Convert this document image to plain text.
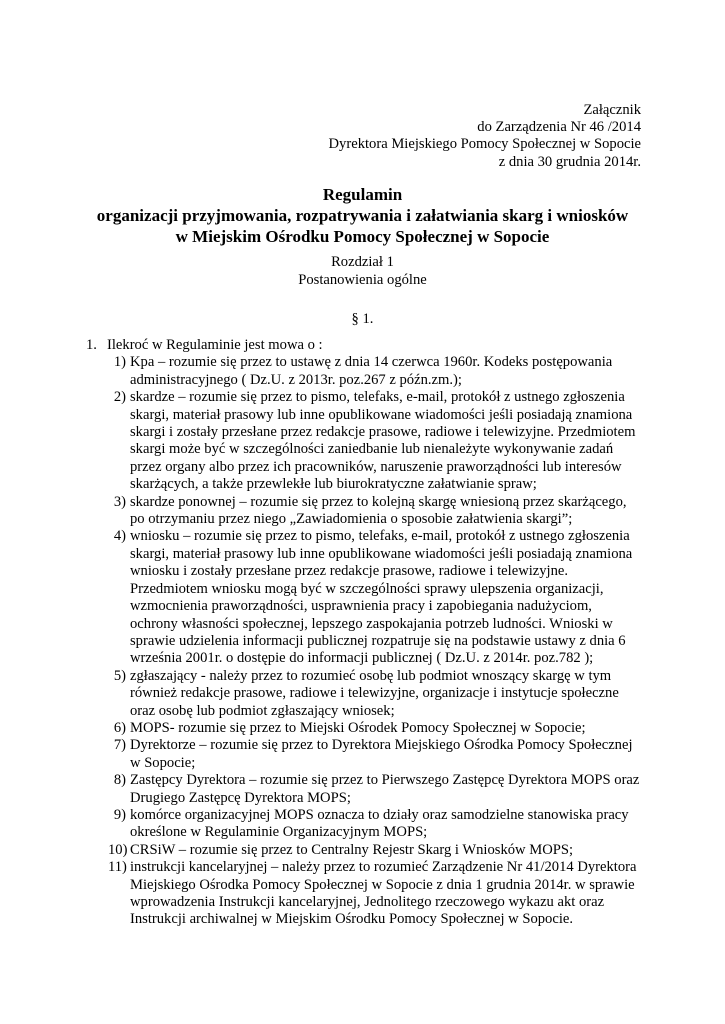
Załącznik
do Zarządzenia Nr 46 /2014
Dyrektora Miejskiego Pomocy Społecznej w Sopocie
z dnia 30 grudnia 2014r.
Regulamin
organizacji przyjmowania, rozpatrywania i załatwiania skarg i wniosków
w Miejskim Ośrodku Pomocy Społecznej w Sopocie
Rozdział 1
Postanowienia ogólne
§ 1.
1. Ilekroć w Regulaminie jest mowa o :
1) Kpa – rozumie się przez to ustawę z dnia 14 czerwca 1960r. Kodeks postępowania
administracyjnego ( Dz.U. z 2013r. poz.267 z późn.zm.);
2) skardze – rozumie się przez to pismo, telefaks, e-mail, protokół z ustnego zgłoszenia
skargi, materiał prasowy lub inne opublikowane wiadomości jeśli posiadają znamiona
skargi i zostały przesłane przez redakcje prasowe, radiowe i telewizyjne. Przedmiotem
skargi może być w szczególności zaniedbanie lub nienależyte wykonywanie zadań
przez organy albo przez ich pracowników, naruszenie praworządności lub interesów
skarżących, a także przewlekłe lub biurokratyczne załatwianie spraw;
3) skardze ponownej – rozumie się przez to kolejną skargę wniesioną przez skarżącego,
po otrzymaniu przez niego „Zawiadomienia o sposobie załatwienia skargi”;
4) wniosku – rozumie się przez to pismo, telefaks, e-mail, protokół z ustnego zgłoszenia
skargi, materiał prasowy lub inne opublikowane wiadomości jeśli posiadają znamiona
wniosku i zostały przesłane przez redakcje prasowe, radiowe i telewizyjne.
Przedmiotem wniosku mogą być w szczególności sprawy ulepszenia organizacji,
wzmocnienia praworządności, usprawnienia pracy i zapobiegania nadużyciom,
ochrony własności społecznej, lepszego zaspokajania potrzeb ludności. Wnioski w
sprawie udzielenia informacji publicznej rozpatruje się na podstawie ustawy z dnia 6
września 2001r. o dostępie do informacji publicznej ( Dz.U. z 2014r. poz.782 );
5) zgłaszający - należy przez to rozumieć osobę lub podmiot wnoszący skargę w tym
również redakcje prasowe, radiowe i telewizyjne, organizacje i instytucje społeczne
oraz osobę lub podmiot zgłaszający wniosek;
6) MOPS- rozumie się przez to Miejski Ośrodek Pomocy Społecznej w Sopocie;
7) Dyrektorze – rozumie się przez to Dyrektora Miejskiego Ośrodka Pomocy Społecznej
w Sopocie;
8) Zastępcy Dyrektora – rozumie się przez to Pierwszego Zastępcę Dyrektora MOPS oraz
Drugiego Zastępcę Dyrektora MOPS;
9) komórce organizacyjnej MOPS oznacza to działy oraz samodzielne stanowiska pracy
określone w Regulaminie Organizacyjnym MOPS;
10) CRSiW – rozumie się przez to Centralny Rejestr Skarg i Wniosków MOPS;
11) instrukcji kancelaryjnej – należy przez to rozumieć Zarządzenie Nr 41/2014 Dyrektora
Miejskiego Ośrodka Pomocy Społecznej w Sopocie z dnia 1 grudnia 2014r. w sprawie
wprowadzenia Instrukcji kancelaryjnej, Jednolitego rzeczowego wykazu akt oraz
Instrukcji archiwalnej w Miejskim Ośrodku Pomocy Społecznej w Sopocie.
